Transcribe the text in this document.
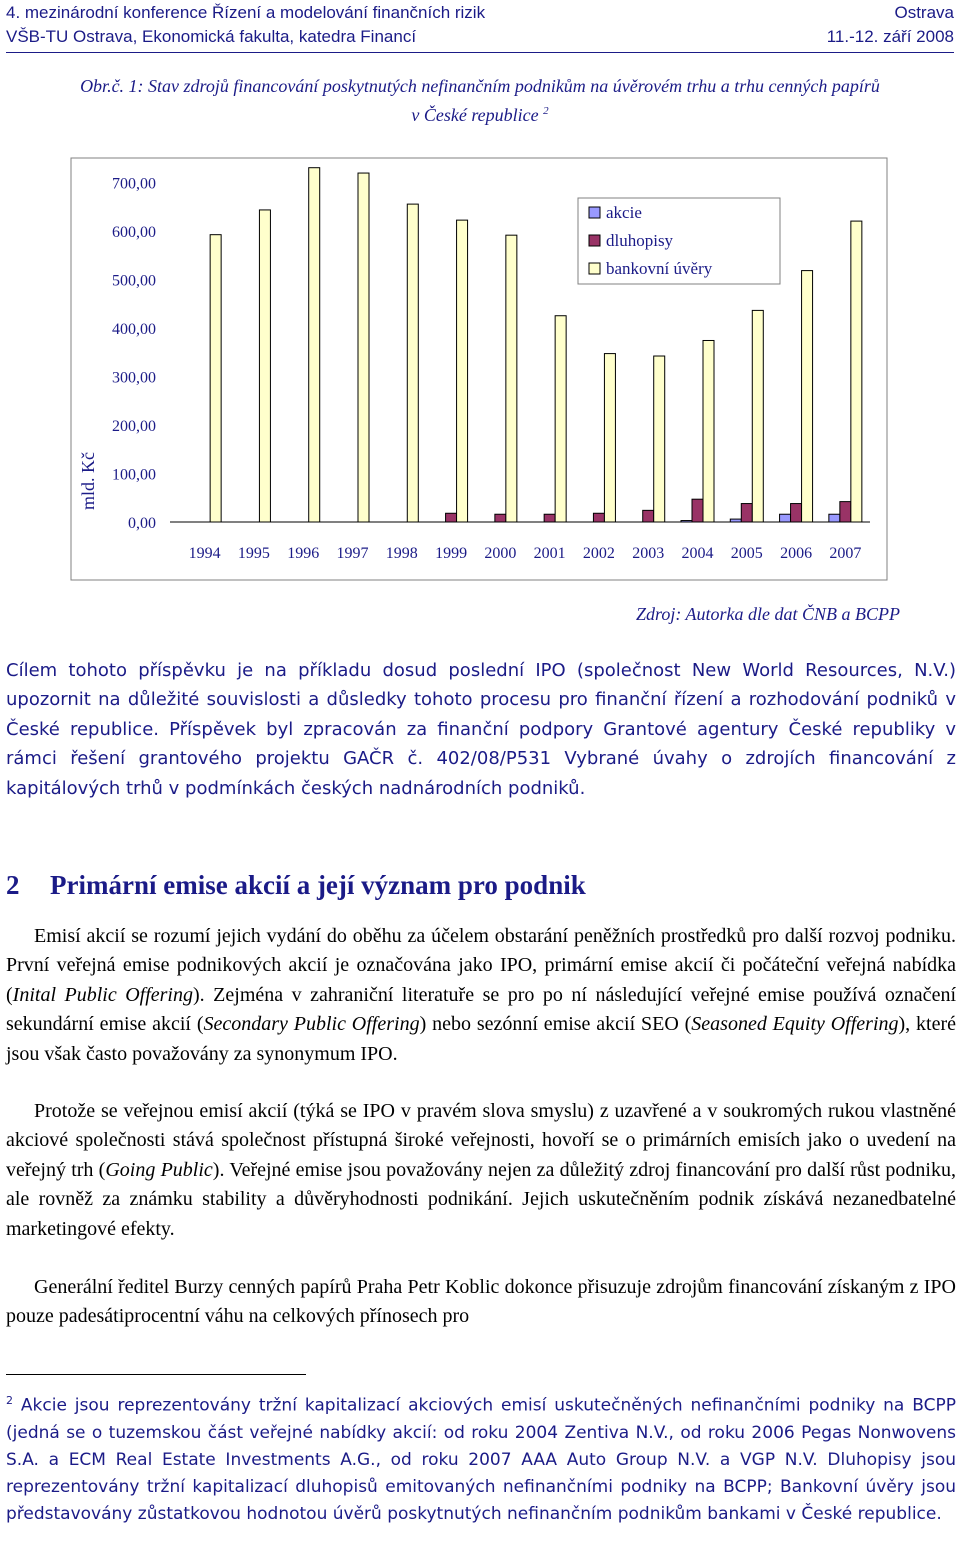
4. mezinárodní konference Řízení a modelování finančních rizik	Ostrava
VŠB-TU Ostrava, Ekonomická fakulta, katedra Financí	11.-12. září 2008
Obr.č. 1: Stav zdrojů financování poskytnutých nefinančním podnikům na úvěrovém trhu a trhu cenných papírů
v České republice $^2$
mld. Kč
0,00
100,00
200,00
300,00
400,00
500,00
600,00
700,00
1994 1995 1996 1997 1998 1999 2000 2001 2002 2003 2004 2005 2006 2007
akcie
dluhopisy
bankovní úvěry
Zdroj: Autorka dle dat ČNB a BCPP
Cílem tohoto příspěvku je na příkladu dosud poslední IPO (společnost New World Resources, N.V.) upozornit na důležité souvislosti a důsledky tohoto procesu pro finanční řízení a rozhodování podniků v České republice. Příspěvek byl zpracován za finanční podpory Grantové agentury České republiky v rámci řešení grantového projektu GAČR č. 402/08/P531 Vybrané úvahy o zdrojích financování z kapitálových trhů v podmínkách českých nadnárodních podniků.
2 Primární emise akcií a její význam pro podnik
Emisí akcií se rozumí jejich vydání do oběhu za účelem obstarání peněžních prostředků pro další rozvoj podniku. První veřejná emise podnikových akcií je označována jako IPO, primární emise akcií či počáteční veřejná nabídka (Inital Public Offering). Zejména v zahraniční literatuře se pro po ní následující veřejné emise používá označení sekundární emise akcií (Secondary Public Offering) nebo sezónní emise akcií SEO (Seasoned Equity Offering), které jsou však často považovány za synonymum IPO.
Protože se veřejnou emisí akcií (týká se IPO v pravém slova smyslu) z uzavřené a v soukromých rukou vlastněné akciové společnosti stává společnost přístupná široké veřejnosti, hovoří se o primárních emisích jako o uvedení na veřejný trh (Going Public). Veřejné emise jsou považovány nejen za důležitý zdroj financování pro další růst podniku, ale rovněž za známku stability a důvěryhodnosti podnikání. Jejich uskutečněním podnik získává nezanedbatelné marketingové efekty.
Generální ředitel Burzy cenných papírů Praha Petr Koblic dokonce přisuzuje zdrojům financování získaným z IPO pouze padesátiprocentní váhu na celkových přínosech pro
$^2$ Akcie jsou reprezentovány tržní kapitalizací akciových emisí uskutečněných nefinančními podniky na BCPP (jedná se o tuzemskou část veřejné nabídky akcií: od roku 2004 Zentiva N.V., od roku 2006 Pegas Nonwovens S.A. a ECM Real Estate Investments A.G., od roku 2007 AAA Auto Group N.V. a VGP N.V. Dluhopisy jsou reprezentovány tržní kapitalizací dluhopisů emitovaných nefinančními podniky na BCPP; Bankovní úvěry jsou představovány zůstatkovou hodnotou úvěrů poskytnutých nefinančním podnikům bankami v České republice.
